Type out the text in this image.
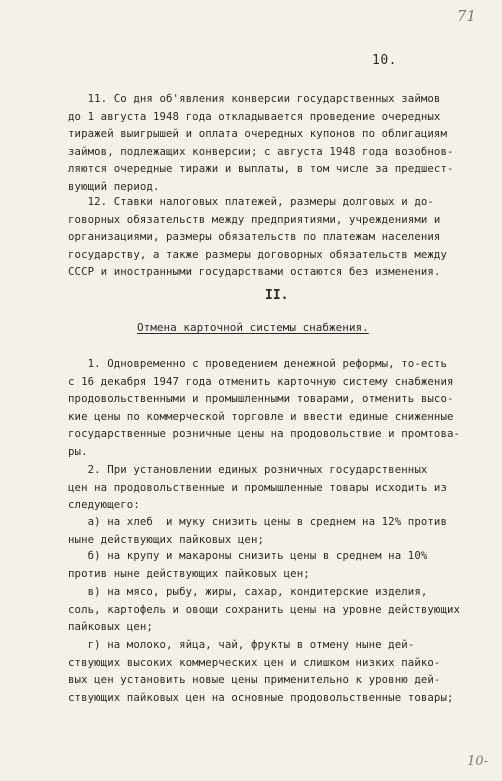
71
10.
11. Со дня об'явления конверсии государственных займов
до 1 августа 1948 года откладывается проведение очередных
тиражей выигрышей и оплата очередных купонов по облигациям
займов, подлежащих конверсии; с августа 1948 года возобнов-
ляются очередные тиражи и выплаты, в том числе за предшест-
вующий период.
12. Ставки налоговых платежей, размеры долговых и до-
говорных обязательств между предприятиями, учреждениями и
организациями, размеры обязательств по платежам населения
государству, а также размеры договорных обязательств между
СССР и иностранными государствами остаются без изменения.
II.
Отмена карточной системы снабжения.
1. Одновременно с проведением денежной реформы, то-есть
с 16 декабря 1947 года отменить карточную систему снабжения
продовольственными и промышленными товарами, отменить высо-
кие цены по коммерческой торговле и ввести единые сниженные
государственные розничные цены на продовольствие и промтова-
ры.
2. При установлении единых розничных государственных
цен на продовольственные и промышленные товары исходить из
следующего:
а) на хлеб  и муку снизить цены в среднем на 12% против
ныне действующих пайковых цен;
б) на крупу и макароны снизить цены в среднем на 10%
против ныне действующих пайковых цен;
в) на мясо, рыбу, жиры, сахар, кондитерские изделия,
соль, картофель и овощи сохранить цены на уровне действующих
пайковых цен;
г) на молоко, яйца, чай, фрукты в отмену ныне дей-
ствующих высоких коммерческих цен и слишком низких пайко-
вых цен установить новые цены применительно к уровню дей-
ствующих пайковых цен на основные продовольственные товары;
10-
